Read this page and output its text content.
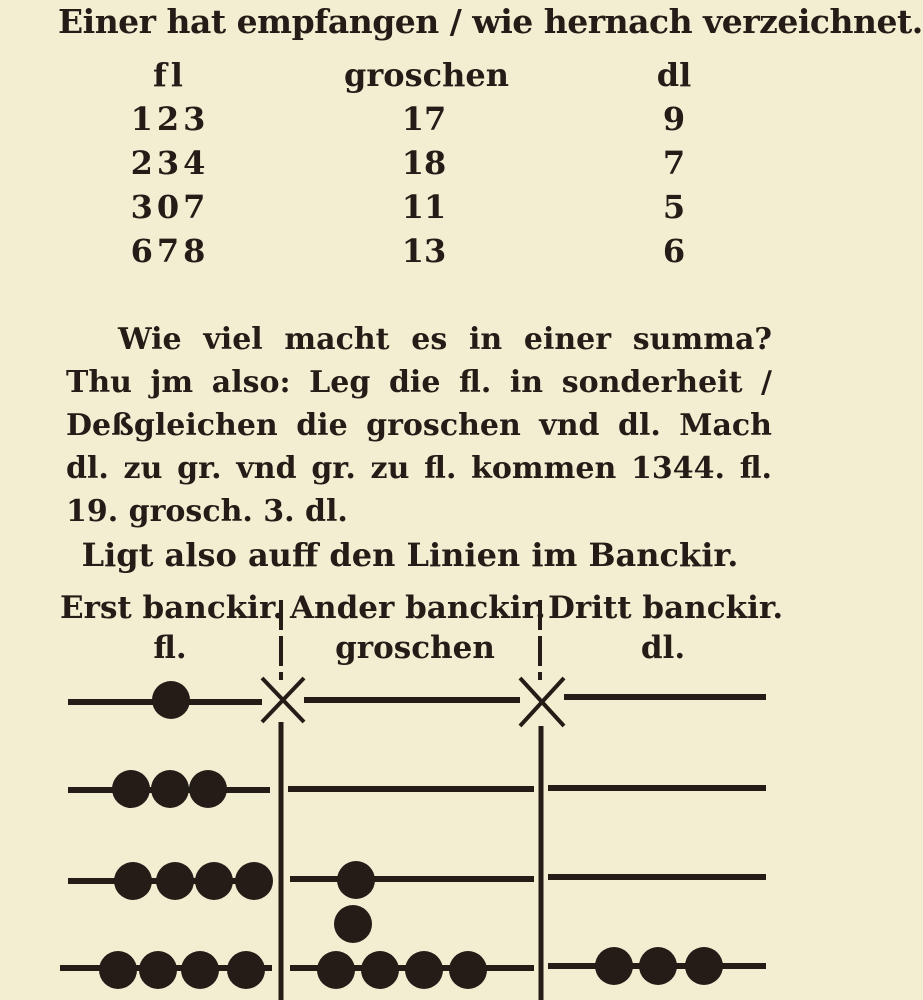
Einer hat empfangen / wie hernach verzeichnet.
fl	groschen	dl
123	17	9
234	18	7
307	11	5
678	13	6
Wie viel macht es in einer summa? Thu jm also: Leg die fl. in sonderheit / Deßgleichen die groschen vnd dl. Mach dl. zu gr. vnd gr. zu fl. kommen 1344. fl. 19. grosch. 3. dl.
Ligt also auff den Linien im Banckir.
Erst banckir.
fl.
Ander banckir.
groschen
Dritt banckir.
dl.
